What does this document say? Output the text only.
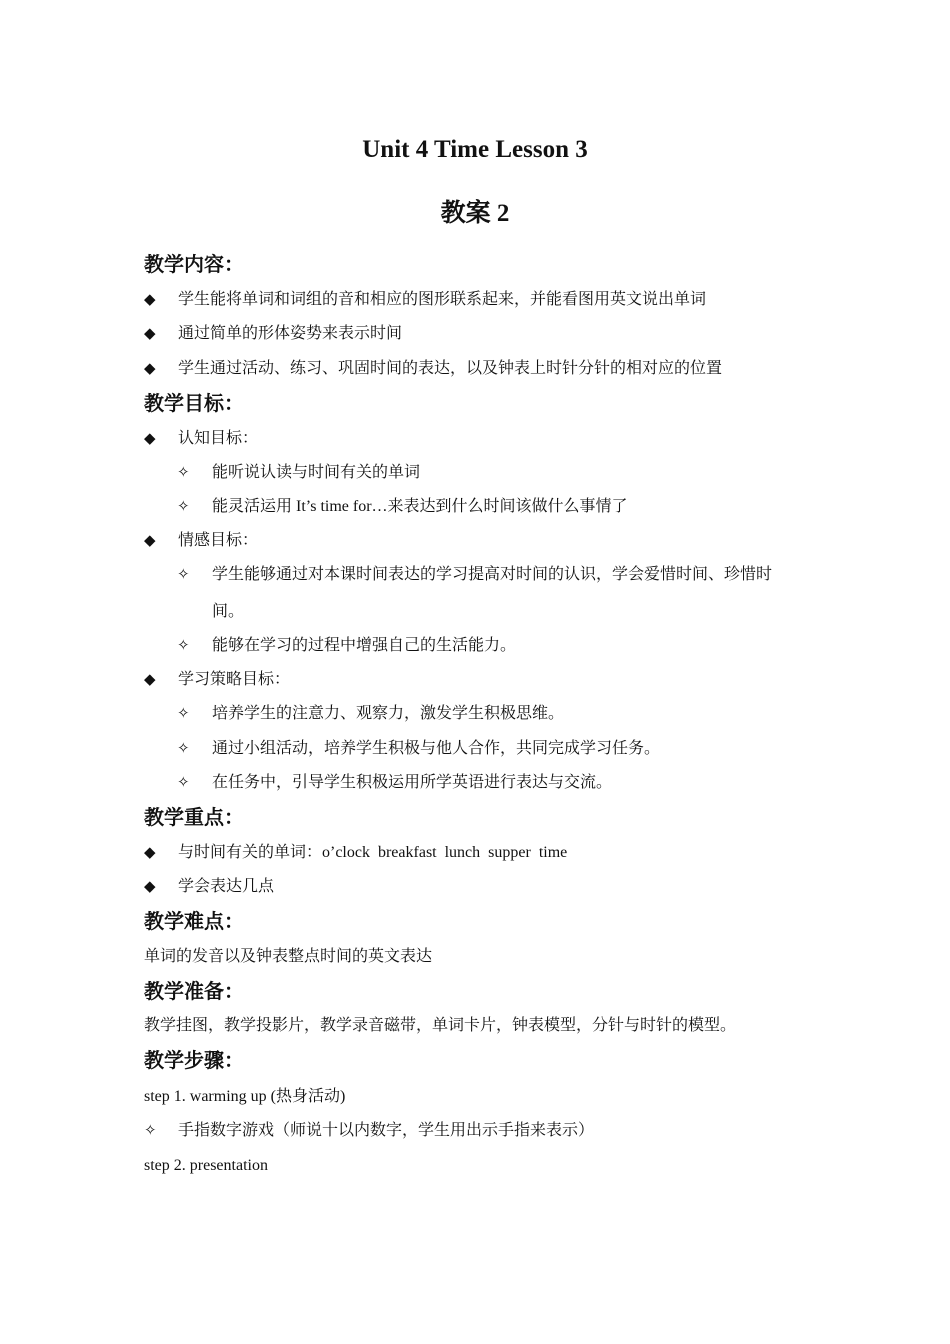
Unit 4 Time Lesson 3
教案 2
教学内容：
◆	学生能将单词和词组的音和相应的图形联系起来，并能看图用英文说出单词
◆	通过简单的形体姿势来表示时间
◆	学生通过活动、练习、巩固时间的表达，以及钟表上时针分针的相对应的位置
教学目标：
◆	认知目标：
✧	能听说认读与时间有关的单词
✧	能灵活运用 It’s time for…来表达到什么时间该做什么事情了
◆	情感目标：
✧	学生能够通过对本课时间表达的学习提高对时间的认识，学会爱惜时间、珍惜时
间。
✧	能够在学习的过程中增强自己的生活能力。
◆	学习策略目标：
✧	培养学生的注意力、观察力，激发学生积极思维。
✧	通过小组活动，培养学生积极与他人合作，共同完成学习任务。
✧	在任务中，引导学生积极运用所学英语进行表达与交流。
教学重点：
◆	与时间有关的单词：o’clock  breakfast  lunch  supper  time
◆	学会表达几点
教学难点：
单词的发音以及钟表整点时间的英文表达
教学准备：
教学挂图，教学投影片，教学录音磁带，单词卡片，钟表模型，分针与时针的模型。
教学步骤：
step 1. warming up (热身活动)
✧	手指数字游戏（师说十以内数字，学生用出示手指来表示）
step 2. presentation
